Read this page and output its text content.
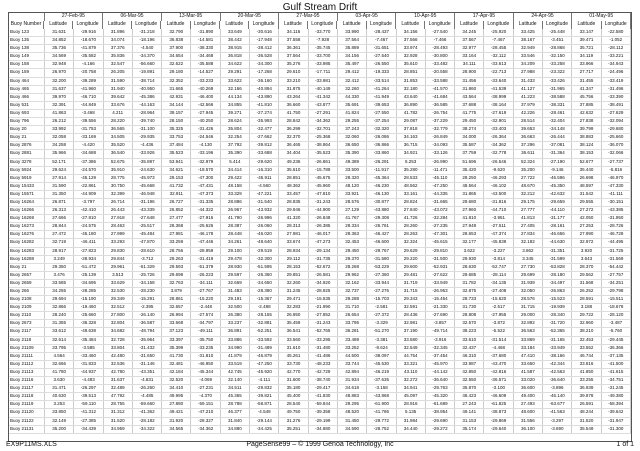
Gulf Stream Drift
27-Feb-95	06-Mar-95	13-Mar-95	20-Mar-95	27-Mar-95	03-Apr-95	10-Apr-95	17-Apr-95	24-Apr-95	01-May-95
Buoy Number	Latitude	Longitude	Latitude	Longitude	Latitude	Longitude	Latitude	Longitude	Latitude	Longitude	Latitude	Longitude	Latitude	Longitude	Latitude	Longitude	Latitude	Longitude	Latitude	Longitude
Buoy 123	31.631	-29.916	31.896	-31.218	32.790	-31.890	33.649	-30.616	34.116	-33.770	33.990	-28.437	34.156	-27.540	34.245	-25.920	33.425	-25.448	33.147	-22.580
Buoy 135	34.852	-18.670	34.074	-18.196	36.838	-14.581	38.442	-17.948	37.558	-7.928	37.564	-7.467	37.566	-7.466	37.567	-7.467	38.167	-3.451	39.471	-1.052
Buoy 138	35.736	-41.879	37.376	-4.540	37.900	-38.330	38.915	-38.412	36.361	-35.745	35.889	-31.651	33.974	-28.493	32.977	-28.455	32.949	-28.868	35.721	-28.112
Buoy 149	34.569	-35.582	35.836	-34.370	34.654	-34.468	36.818	-36.528	37.564	-33.700	34.156	-27.540	32.928	-30.800	33.164	-32.112	33.546	-32.150	34.119	-33.221
Buoy 158	32.948	-4.166	32.547	-56.660	32.622	-35.588	34.622	-34.300	35.276	-33.985	35.497	-26.550	35.610	-33.482	34.111	-33.613	34.209	-33.258	33.966	-34.943
Buoy 159	26.970	-20.758	26.205	-19.891	29.180	-14.527	29.291	-17.268	29.610	-17.711	29.412	-19.333	28.851	-20.558	28.900	-22.713	27.988	-23.322	27.717	-24.496
Buoy 464	32.200	-39.289	31.590	-38.714	32.352	-33.233	33.622	-36.160	33.210	-33.981	32.412	-33.514	31.853	-33.588	31.456	-33.640	31.433	-33.426	31.455	-33.419
Buoy 465	31.637	-41.960	31.940	-40.950	31.665	-40.269	32.166	-40.894	31.875	-40.149	32.260	-41.264	32.180	-41.570	31.860	-41.539	41.127	-31.965	41.347	-31.496
Buoy 466	39.970	-46.710	39.642	-45.386	42.931	-46.400	44.134	-43.890	43.264	-41.342	44.330	-41.949	43.640	-41.684	43.564	-38.999	41.223	-38.588	45.756	-33.390
Buoy 531	32.391	-44.849	33.676	-44.163	34.144	-42.566	34.855	-41.810	36.660	-43.877	35.691	-39.653	36.890	-36.585	37.688	-38.164	37.979	-38.331	37.885	-38.491
Buoy 693	41.863	-3.468	4.211	-28.964	39.157	-27.945	39.271	-27.274	41.750	-27.291	41.824	-27.550	41.782	-26.754	41.775	-27.619	42.226	-28.461	42.632	-27.629
Buoy 796	26.212	-39.556	28.220	-39.740	28.150	-40.250	28.624	-35.993	28.842	-34.362	29.255	-37.254	29.087	-37.229	29.450	-32.901	28.514	-32.404	27.838	-32.094
Buoy 20	33.992	-31.753	36.565	-31.100	35.325	-31.426	35.804	-32.477	36.299	-32.701	37.243	-32.320	37.818	-32.779	38.274	-33.403	39.653	-34.148	39.799	-29.680
Buoy 21	32.058	-33.169	34.505	-29.935	33.753	-24.546	32.254	-27.662	32.370	-25.368	32.060	-26.086	34.163	-26.849	34.000	-26.364	36.663	-26.444	38.883	-25.660
Buoy 2876	34.258	-4.420	35.520	-4.436	37.484	-4.130	37.792	-39.812	36.465	-38.864	36.650	-36.866	36.715	-34.093	35.587	-34.362	37.296	-37.081	38.124	-36.070
Buoy 2881	35.966	-34.688	36.540	-33.926	35.523	-33.196	35.390	-33.688	34.404	-35.523	35.390	-33.860	34.921	-33.126	37.759	-32.778	36.611	-31.364	38.153	-32.066
Buoy 3278	52.171	-37.386	52.675	-35.897	53.941	-32.979	5.414	-29.620	49.236	-26.861	49.389	-26.291	5.253	-26.990	51.696	-26.546	52.324	-27.190	52.677	-27.737
Buoy 5924	29.624	-24.570	35.910	-24.630	34.621	-18.570	34.414	-16.310	35.610	-15.789	33.500	-11.917	35.280	-11.471	35.420	-9.620	35.200	-9.146	35.440	-5.816
Buoy 5919	27.914	-45.129	28.775	-45.973	29.153	-47.300	29.422	-45.911	28.851	-45.675	28.320	-45.364	28.533	-45.110	28.250	-46.293	27.722	-46.596	26.698	-46.970
Buoy 15433	31.590	-22.861	30.750	-45.668	41.732	-47.431	48.158	-4.560	48.362	-45.960	48.120	-46.230	48.562	-47.250	48.564	-46.102	48.670	-45.350	48.597	-47.330
Buoy 15571	31.350	-44.909	32.399	-46.948	32.911	-47.373	33.329	-47.221	33.457	-47.810	33.921	-46.130	33.161	-44.335	31.865	-43.500	32.212	-42.632	31.542	-41.111
Buoy 16264	26.871	-3.797	26.714	-31.196	26.727	-31.335	28.886	-31.540	28.835	-31.243	28.576	-30.877	28.824	-31.665	29.680	-31.816	29.175	-29.659	29.555	-30.151
Buoy 16266	26.313	-42.410	26.443	-43.339	26.852	-44.322	26.967	-43.932	29.946	-44.900	27.129	-43.880	27.840	-43.072	27.960	-44.710	27.777	-44.110	27.272	-43.385
Buoy 16269	27.666	-27.810	27.918	-27.648	27.477	-27.916	41.790	-26.996	41.320	-26.848	41.767	-29.308	41.726	-32.284	41.810	-3.951	41.813	-31.177	42.050	-31.950
Buoy 16273	28.844	-24.575	28.463	-25.517	28.368	-25.626	28.387	-26.060	28.313	-26.385	28.334	-26.761	28.260	-27.235	27.948	-27.511	27.405	-28.161	27.253	-28.726
Buoy 16276	27.472	-45.180	27.999	-45.484	27.981	-46.178	28.448	-46.020	27.981	-46.017	28.363	-46.427	28.263	-47.301	28.653	-47.374	27.834	-46.656	27.990	-46.728
Buoy 16282	32.719	-46.411	33.293	-47.870	33.259	-47.446	34.261	-48.640	33.674	-47.273	32.453	-46.600	32.324	-45.615	32.177	-45.839	32.182	-44.630	32.972	-44.495
Buoy 16283	28.917	-27.823	29.830	-28.610	28.756	-28.959	29.100	-29.519	28.934	-29.134	29.450	-29.767	29.629	-29.810	3.622	-3.227	3.862	-31.351	3.920	-31.725
Buoy 16288	3.249	-28.934	29.844	-3.712	29.263	-31.419	29.478	-32.300	29.112	-31.735	29.370	-31.580	29.220	-31.500	29.930	-3.814	3.345	-31.599	3.643	-31.569
Buoy 21	29.350	-51.472	29.961	-51.329	29.593	-51.379	28.930	-51.595	28.153	-52.672	28.268	-53.229	29.600	-52.931	28.630	-52.747	27.730	-53.828	28.370	-54.442
Buoy 2657	3.476	-25.139	3.513	-25.726	29.698	-26.223	29.597	-26.360	29.851	-26.581	29.962	-27.360	29.481	-27.622	29.685	-28.114	29.699	-28.180	29.562	-27.757
Buoy 2659	33.585	-34.695	33.629	-34.158	32.763	-34.111	32.669	-34.650	32.260	-34.920	32.162	-33.944	31.719	-33.949	31.782	-34.135	31.939	-34.497	31.568	-34.251
Buoy 266	34.255	-28.285	32.530	-28.230	3.879	-27.767	31.483	-28.380	31.245	-28.925	32.737	-27.276	31.715	-26.953	32.875	-27.408	32.050	-26.863	26.252	-29.798
Buoy 2108	29.694	-15.190	29.349	-15.291	28.861	-15.220	29.191	-15.367	29.471	-15.535	29.288	-15.703	29.343	-15.454	28.733	-15.620	28.576	-15.523	28.591	-15.511
Buoy 2109	32.866	-19.460	32.512	-2.395	32.657	-2.448	32.500	-2.488	32.283	-21.990	31.710	-2.581	32.591	-21.330	31.730	-2.517	31.715	-19.939	3.188	-18.678
Buoy 2110	28.240	-25.660	27.800	-26.140	26.994	-27.574	26.380	-28.155	26.950	-27.852	26.654	-27.372	28.436	-27.690	28.808	-27.955	29.000	-28.340	29.722	-28.120
Buoy 2673	31.355	-36.328	32.804	-36.587	33.668	-34.797	33.237	-32.881	35.459	-31.243	33.795	-3.329	32.981	-3.857	32.570	-3.872	32.892	-31.720	32.960	-3.487
Buoy 2117	33.612	-49.638	34.682	-48.794	37.123	-49.111	36.891	-52.251	36.541	-52.765	36.281	-51.270	37.190	-49.714	38.223	-5.522	36.563	-52.365	38.210	-5.760
Buoy 2118	32.614	-35.484	32.728	-35.964	33.397	-35.750	33.886	-33.592	33.560	-33.295	33.489	-3.381	33.580	-3.916	33.610	-31.514	33.869	-31.165	32.453	-29.445
Buoy 21109	33.795	-3.585	33.804	-31.432	35.399	-33.235	34.990	-31.489	31.610	-31.480	33.252	-8.624	32.549	-32.345	32.437	-4.468	33.184	-33.949	33.552	-36.366
Buoy 21111	4.564	-33.460	42.480	-31.650	41.730	-31.810	41.879	-46.879	45.261	-41.486	44.500	-38.097	44.754	-37.454	46.310	-37.680	47.410	-38.166	46.744	-37.135
Buoy 21112	32.666	-31.833	32.536	-31.146	32.481	-46.950	33.519	-47.250	33.730	-48.233	33.744	-45.530	33.321	-45.970	33.987	-43.470	33.650	-42.344	33.816	-41.500
Buoy 21113	41.780	-44.937	42.780	-43.351	42.184	-45.344	42.745	-45.920	42.770	-42.729	42.894	-46.219	43.110	-44.142	42.850	-42.816	41.587	-42.563	41.850	-41.615
Buoy 21116	3.630	-4.483	31.637	-4.831	32.520	-4.069	32.140	-4.111	31.600	-38.740	31.934	-37.635	32.272	-36.640	32.550	-36.571	33.020	-36.640	33.255	-34.751
Buoy 21117	31.471	-26.297	32.489	-26.260	34.410	-27.231	34.511	-29.832	35.180	-29.417	34.618	-3.158	34.941	-29.763	35.870	-3.100	36.600	-3.896	36.939	-31.245
Buoy 21118	40.630	-39.513	47.792	-4.485	49.995	-4.370	45.365	-39.821	45.400	-41.830	48.883	-43.868	45.097	-45.320	48.423	-46.609	49.400	-46.140	39.878	-49.380
Buoy 21119	3.253	-59.110	28.755	-59.660	27.880	-59.151	28.788	-58.871	28.540	-59.844	29.295	-61.900	28.916	-61.689	27.243	-61.825	27.493	-63.677	26.591	-58.394
Buoy 21120	33.850	-41.312	31.312	-41.362	49.421	-47.210	46.377	-4.548	49.750	-39.358	48.520	-41.786	5.135	-38.954	49.141	-38.873	48.600	-41.563	48.244	-39.642
Buoy 21122	32.149	-27.385	31.520	-28.182	31.920	-28.327	31.840	-29.144	31.276	-29.199	31.450	-29.772	31.984	-29.690	31.153	-29.869	31.556	-3.297	31.520	-31.947
Buoy 21131	35.200	-34.439	34.959	-34.322	34.565	-34.362	34.880	-34.425	35.251	-34.880	34.590	-28.752	34.440	-29.272	35.174	-29.640	36.100	-3.690	35.549	-31.300
EX9P11MS.XLS	PageSense99 – © 1999 Genoa Technology, Inc	1 of 1
